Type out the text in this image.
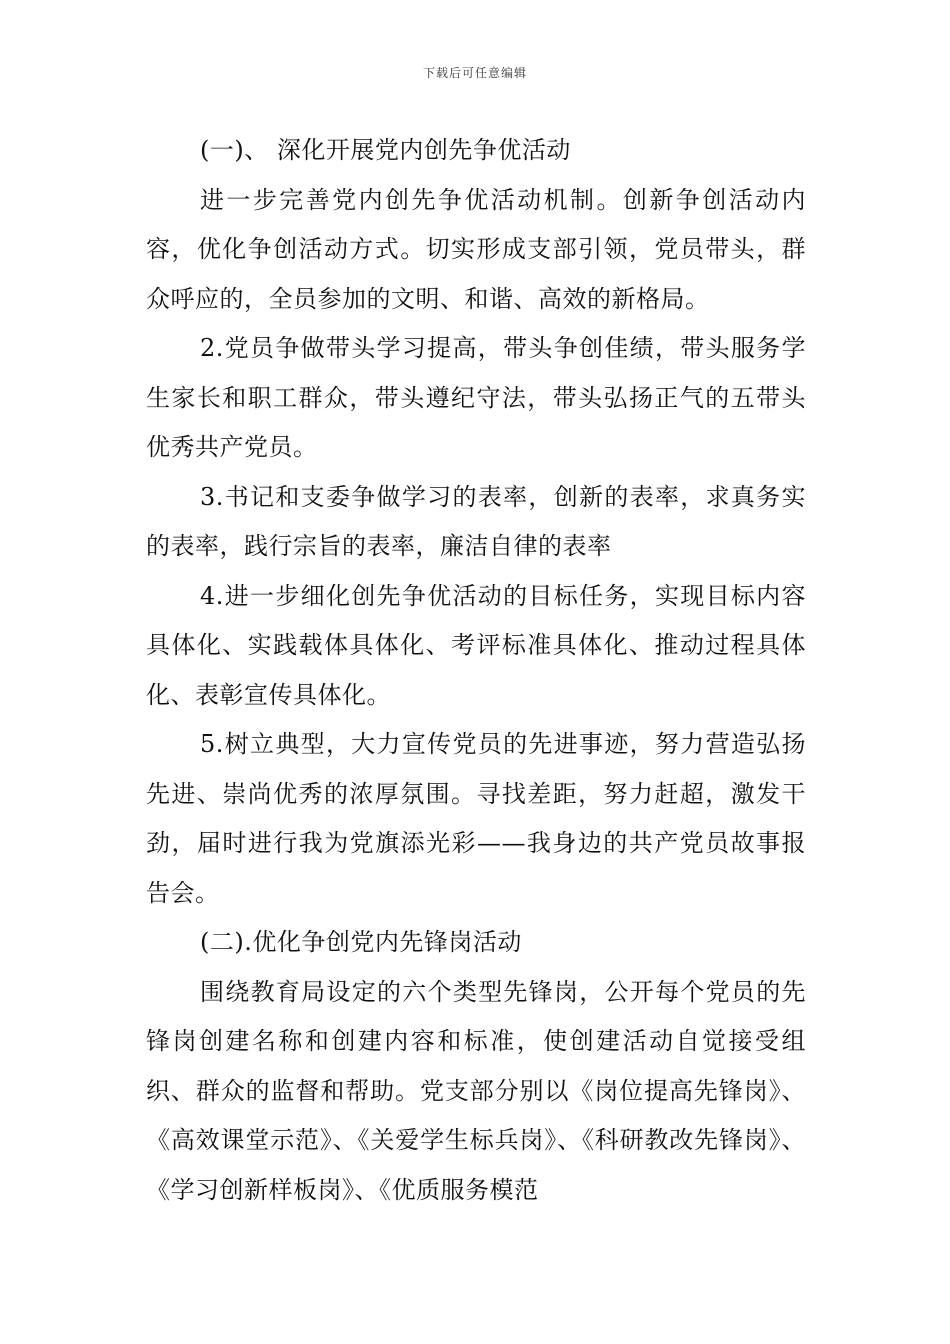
下载后可任意编辑

(一)、 深化开展党内创先争优活动

进一步完善党内创先争优活动机制。创新争创活动内容，优化争创活动方式。切实形成支部引领，党员带头，群众呼应的，全员参加的文明、和谐、高效的新格局。

2.党员争做带头学习提高，带头争创佳绩，带头服务学生家长和职工群众，带头遵纪守法，带头弘扬正气的五带头优秀共产党员。

3.书记和支委争做学习的表率，创新的表率，求真务实的表率，践行宗旨的表率，廉洁自律的表率

4.进一步细化创先争优活动的目标任务，实现目标内容具体化、实践载体具体化、考评标准具体化、推动过程具体化、表彰宣传具体化。

5.树立典型，大力宣传党员的先进事迹，努力营造弘扬先进、崇尚优秀的浓厚氛围。寻找差距，努力赶超，激发干劲，届时进行我为党旗添光彩——我身边的共产党员故事报告会。

(二).优化争创党内先锋岗活动

围绕教育局设定的六个类型先锋岗，公开每个党员的先锋岗创建名称和创建内容和标准，使创建活动自觉接受组织、群众的监督和帮助。党支部分别以《岗位提高先锋岗》、《高效课堂示范》、《关爱学生标兵岗》、《科研教改先锋岗》、《学习创新样板岗》、《优质服务模范
